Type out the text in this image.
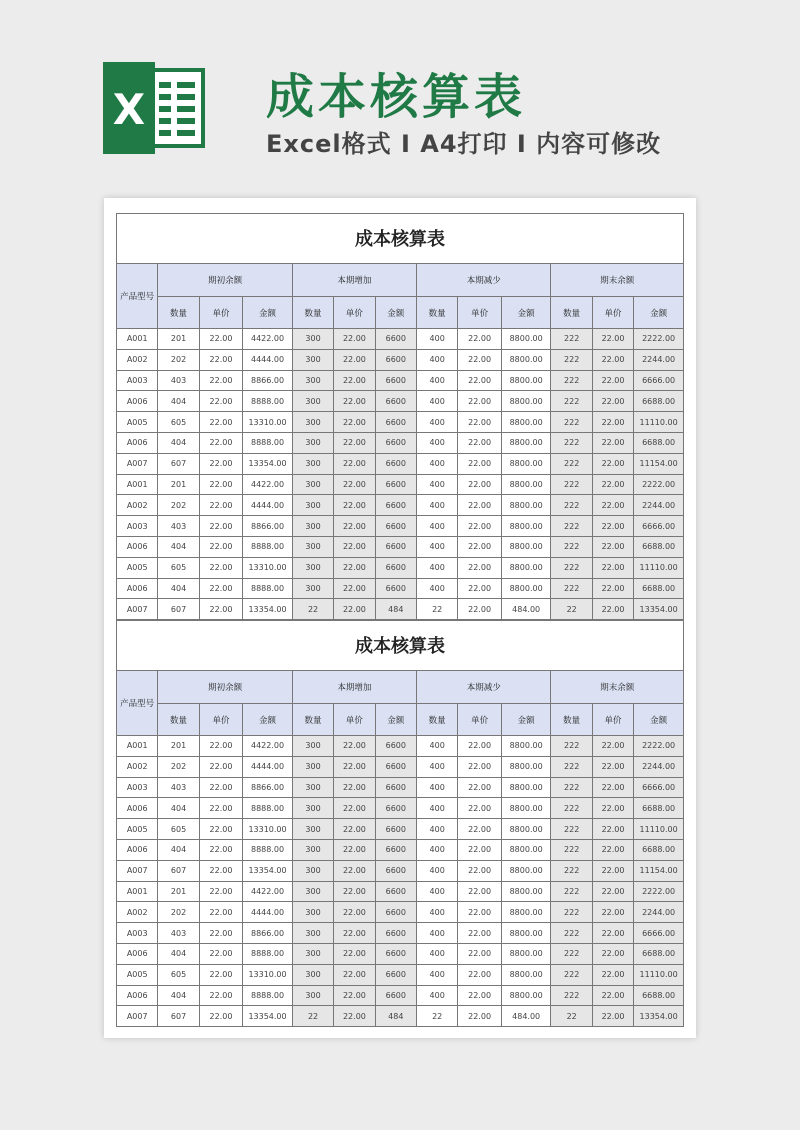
X	成本核算表
Excel格式 I A4打印 I 内容可修改
成本核算表
产品型号	期初余额			本期增加			本期减少			期末余额		
	数量	单价	金额	数量	单价	金额	数量	单价	金额	数量	单价	金额
A001	201	22.00	4422.00	300	22.00	6600	400	22.00	8800.00	222	22.00	2222.00
A002	202	22.00	4444.00	300	22.00	6600	400	22.00	8800.00	222	22.00	2244.00
A003	403	22.00	8866.00	300	22.00	6600	400	22.00	8800.00	222	22.00	6666.00
A006	404	22.00	8888.00	300	22.00	6600	400	22.00	8800.00	222	22.00	6688.00
A005	605	22.00	13310.00	300	22.00	6600	400	22.00	8800.00	222	22.00	11110.00
A006	404	22.00	8888.00	300	22.00	6600	400	22.00	8800.00	222	22.00	6688.00
A007	607	22.00	13354.00	300	22.00	6600	400	22.00	8800.00	222	22.00	11154.00
A001	201	22.00	4422.00	300	22.00	6600	400	22.00	8800.00	222	22.00	2222.00
A002	202	22.00	4444.00	300	22.00	6600	400	22.00	8800.00	222	22.00	2244.00
A003	403	22.00	8866.00	300	22.00	6600	400	22.00	8800.00	222	22.00	6666.00
A006	404	22.00	8888.00	300	22.00	6600	400	22.00	8800.00	222	22.00	6688.00
A005	605	22.00	13310.00	300	22.00	6600	400	22.00	8800.00	222	22.00	11110.00
A006	404	22.00	8888.00	300	22.00	6600	400	22.00	8800.00	222	22.00	6688.00
A007	607	22.00	13354.00	22	22.00	484	22	22.00	484.00	22	22.00	13354.00
成本核算表
产品型号	期初余额			本期增加			本期减少			期末余额		
	数量	单价	金额	数量	单价	金额	数量	单价	金额	数量	单价	金额
A001	201	22.00	4422.00	300	22.00	6600	400	22.00	8800.00	222	22.00	2222.00
A002	202	22.00	4444.00	300	22.00	6600	400	22.00	8800.00	222	22.00	2244.00
A003	403	22.00	8866.00	300	22.00	6600	400	22.00	8800.00	222	22.00	6666.00
A006	404	22.00	8888.00	300	22.00	6600	400	22.00	8800.00	222	22.00	6688.00
A005	605	22.00	13310.00	300	22.00	6600	400	22.00	8800.00	222	22.00	11110.00
A006	404	22.00	8888.00	300	22.00	6600	400	22.00	8800.00	222	22.00	6688.00
A007	607	22.00	13354.00	300	22.00	6600	400	22.00	8800.00	222	22.00	11154.00
A001	201	22.00	4422.00	300	22.00	6600	400	22.00	8800.00	222	22.00	2222.00
A002	202	22.00	4444.00	300	22.00	6600	400	22.00	8800.00	222	22.00	2244.00
A003	403	22.00	8866.00	300	22.00	6600	400	22.00	8800.00	222	22.00	6666.00
A006	404	22.00	8888.00	300	22.00	6600	400	22.00	8800.00	222	22.00	6688.00
A005	605	22.00	13310.00	300	22.00	6600	400	22.00	8800.00	222	22.00	11110.00
A006	404	22.00	8888.00	300	22.00	6600	400	22.00	8800.00	222	22.00	6688.00
A007	607	22.00	13354.00	22	22.00	484	22	22.00	484.00	22	22.00	13354.00
